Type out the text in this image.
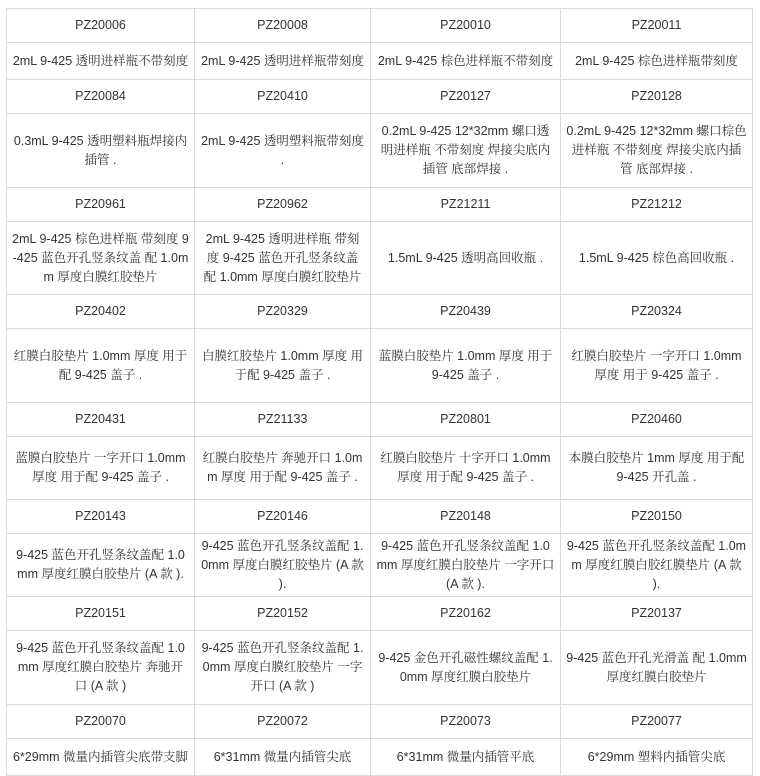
PZ20006	PZ20008	PZ20010	PZ20011
2mL 9-425 透明进样瓶不带刻度	2mL 9-425 透明进样瓶带刻度	2mL 9-425 棕色进样瓶不带刻度	2mL 9-425 棕色进样瓶带刻度
PZ20084	PZ20410	PZ20127	PZ20128
0.3mL 9-425 透明塑料瓶焊接内插管 .	2mL 9-425 透明塑料瓶带刻度 .	0.2mL 9-425 12*32mm 螺口透明进样瓶 不带刻度 焊接尖底内插管 底部焊接 .	0.2mL 9-425 12*32mm 螺口棕色进样瓶 不带刻度 焊接尖底内插管 底部焊接 .
PZ20961	PZ20962	PZ21211	PZ21212
2mL 9-425 棕色进样瓶 带刻度 9-425 蓝色开孔竖条纹盖 配 1.0mm 厚度白膜红胶垫片	2mL 9-425 透明进样瓶 带刻度 9-425 蓝色开孔竖条纹盖 配 1.0mm 厚度白膜红胶垫片	1.5mL 9-425 透明高回收瓶 .	1.5mL 9-425 棕色高回收瓶 .
PZ20402	PZ20329	PZ20439	PZ20324
红膜白胶垫片 1.0mm 厚度 用于配 9-425 盖子 .	白膜红胶垫片 1.0mm 厚度 用于配 9-425 盖子 .	蓝膜白胶垫片 1.0mm 厚度 用于 9-425 盖子 .	红膜白胶垫片 一字开口 1.0mm 厚度 用于 9-425 盖子 .
PZ20431	PZ21133	PZ20801	PZ20460
蓝膜白胶垫片 一字开口 1.0mm 厚度 用于配 9-425 盖子 .	红膜白胶垫片 奔驰开口 1.0mm 厚度 用于配 9-425 盖子 .	红膜白胶垫片 十字开口 1.0mm 厚度 用于配 9-425 盖子 .	本膜白胶垫片 1mm 厚度 用于配 9-425 开孔盖 .
PZ20143	PZ20146	PZ20148	PZ20150
9-425 蓝色开孔竖条纹盖配 1.0mm 厚度红膜白胶垫片 (A 款 ).	9-425 蓝色开孔竖条纹盖配 1.0mm 厚度白膜红胶垫片 (A 款 ).	9-425 蓝色开孔竖条纹盖配 1.0mm 厚度红膜白胶垫片 一字开口 (A 款 ).	9-425 蓝色开孔竖条纹盖配 1.0mm 厚度红膜白胶红膜垫片 (A 款 ).
PZ20151	PZ20152	PZ20162	PZ20137
9-425 蓝色开孔竖条纹盖配 1.0mm 厚度红膜白胶垫片 奔驰开口 (A 款 )	9-425 蓝色开孔竖条纹盖配 1.0mm 厚度白膜红胶垫片 一字开口 (A 款 )	9-425 金色开孔磁性螺纹盖配 1.0mm 厚度红膜白胶垫片	9-425 蓝色开孔光滑盖 配 1.0mm 厚度红膜白胶垫片
PZ20070	PZ20072	PZ20073	PZ20077
6*29mm 微量内插管尖底带支脚	6*31mm 微量内插管尖底	6*31mm 微量内插管平底	6*29mm 塑料内插管尖底
